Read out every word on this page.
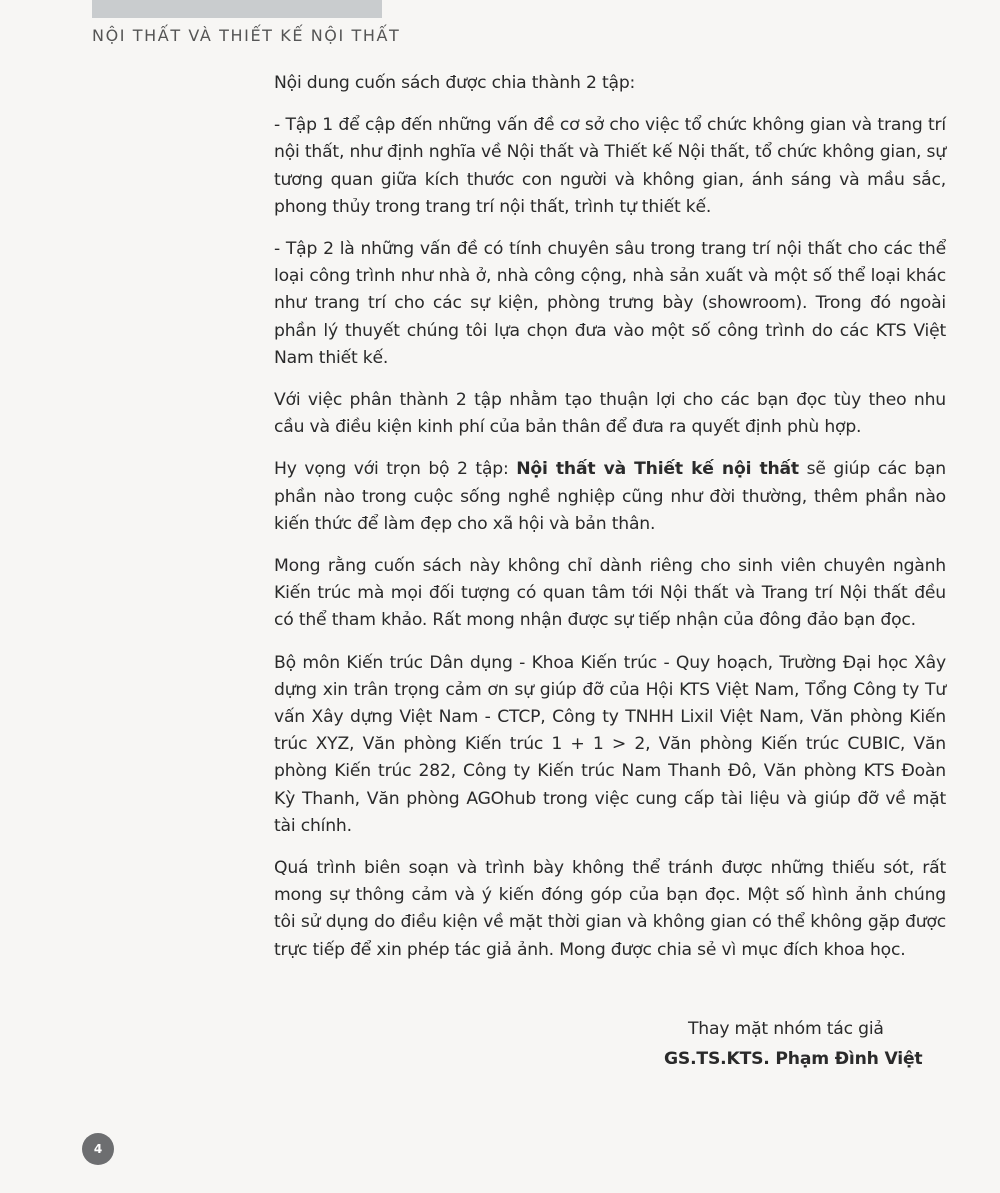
NỘI THẤT VÀ THIẾT KẾ NỘI THẤT

Nội dung cuốn sách được chia thành 2 tập:

- Tập 1 để cập đến những vấn đề cơ sở cho việc tổ chức không gian và trang trí nội thất, như định nghĩa về Nội thất và Thiết kế Nội thất, tổ chức không gian, sự tương quan giữa kích thước con người và không gian, ánh sáng và mầu sắc, phong thủy trong trang trí nội thất, trình tự thiết kế.

- Tập 2 là những vấn đề có tính chuyên sâu trong trang trí nội thất cho các thể loại công trình như nhà ở, nhà công cộng, nhà sản xuất và một số thể loại khác như trang trí cho các sự kiện, phòng trưng bày (showroom). Trong đó ngoài phần lý thuyết chúng tôi lựa chọn đưa vào một số công trình do các KTS Việt Nam thiết kế.

Với việc phân thành 2 tập nhằm tạo thuận lợi cho các bạn đọc tùy theo nhu cầu và điều kiện kinh phí của bản thân để đưa ra quyết định phù hợp.

Hy vọng với trọn bộ 2 tập: Nội thất và Thiết kế nội thất sẽ giúp các bạn phần nào trong cuộc sống nghề nghiệp cũng như đời thường, thêm phần nào kiến thức để làm đẹp cho xã hội và bản thân.

Mong rằng cuốn sách này không chỉ dành riêng cho sinh viên chuyên ngành Kiến trúc mà mọi đối tượng có quan tâm tới Nội thất và Trang trí Nội thất đều có thể tham khảo. Rất mong nhận được sự tiếp nhận của đông đảo bạn đọc.

Bộ môn Kiến trúc Dân dụng - Khoa Kiến trúc - Quy hoạch, Trường Đại học Xây dựng xin trân trọng cảm ơn sự giúp đỡ của Hội KTS Việt Nam, Tổng Công ty Tư vấn Xây dựng Việt Nam - CTCP, Công ty TNHH Lixil Việt Nam, Văn phòng Kiến trúc XYZ, Văn phòng Kiến trúc 1 + 1 > 2, Văn phòng Kiến trúc CUBIC, Văn phòng Kiến trúc 282, Công ty Kiến trúc Nam Thanh Đô, Văn phòng KTS Đoàn Kỳ Thanh, Văn phòng AGOhub trong việc cung cấp tài liệu và giúp đỡ về mặt tài chính.

Quá trình biên soạn và trình bày không thể tránh được những thiếu sót, rất mong sự thông cảm và ý kiến đóng góp của bạn đọc. Một số hình ảnh chúng tôi sử dụng do điều kiện về mặt thời gian và không gian có thể không gặp được trực tiếp để xin phép tác giả ảnh. Mong được chia sẻ vì mục đích khoa học.

Thay mặt nhóm tác giả
GS.TS.KTS. Phạm Đình Việt
4
